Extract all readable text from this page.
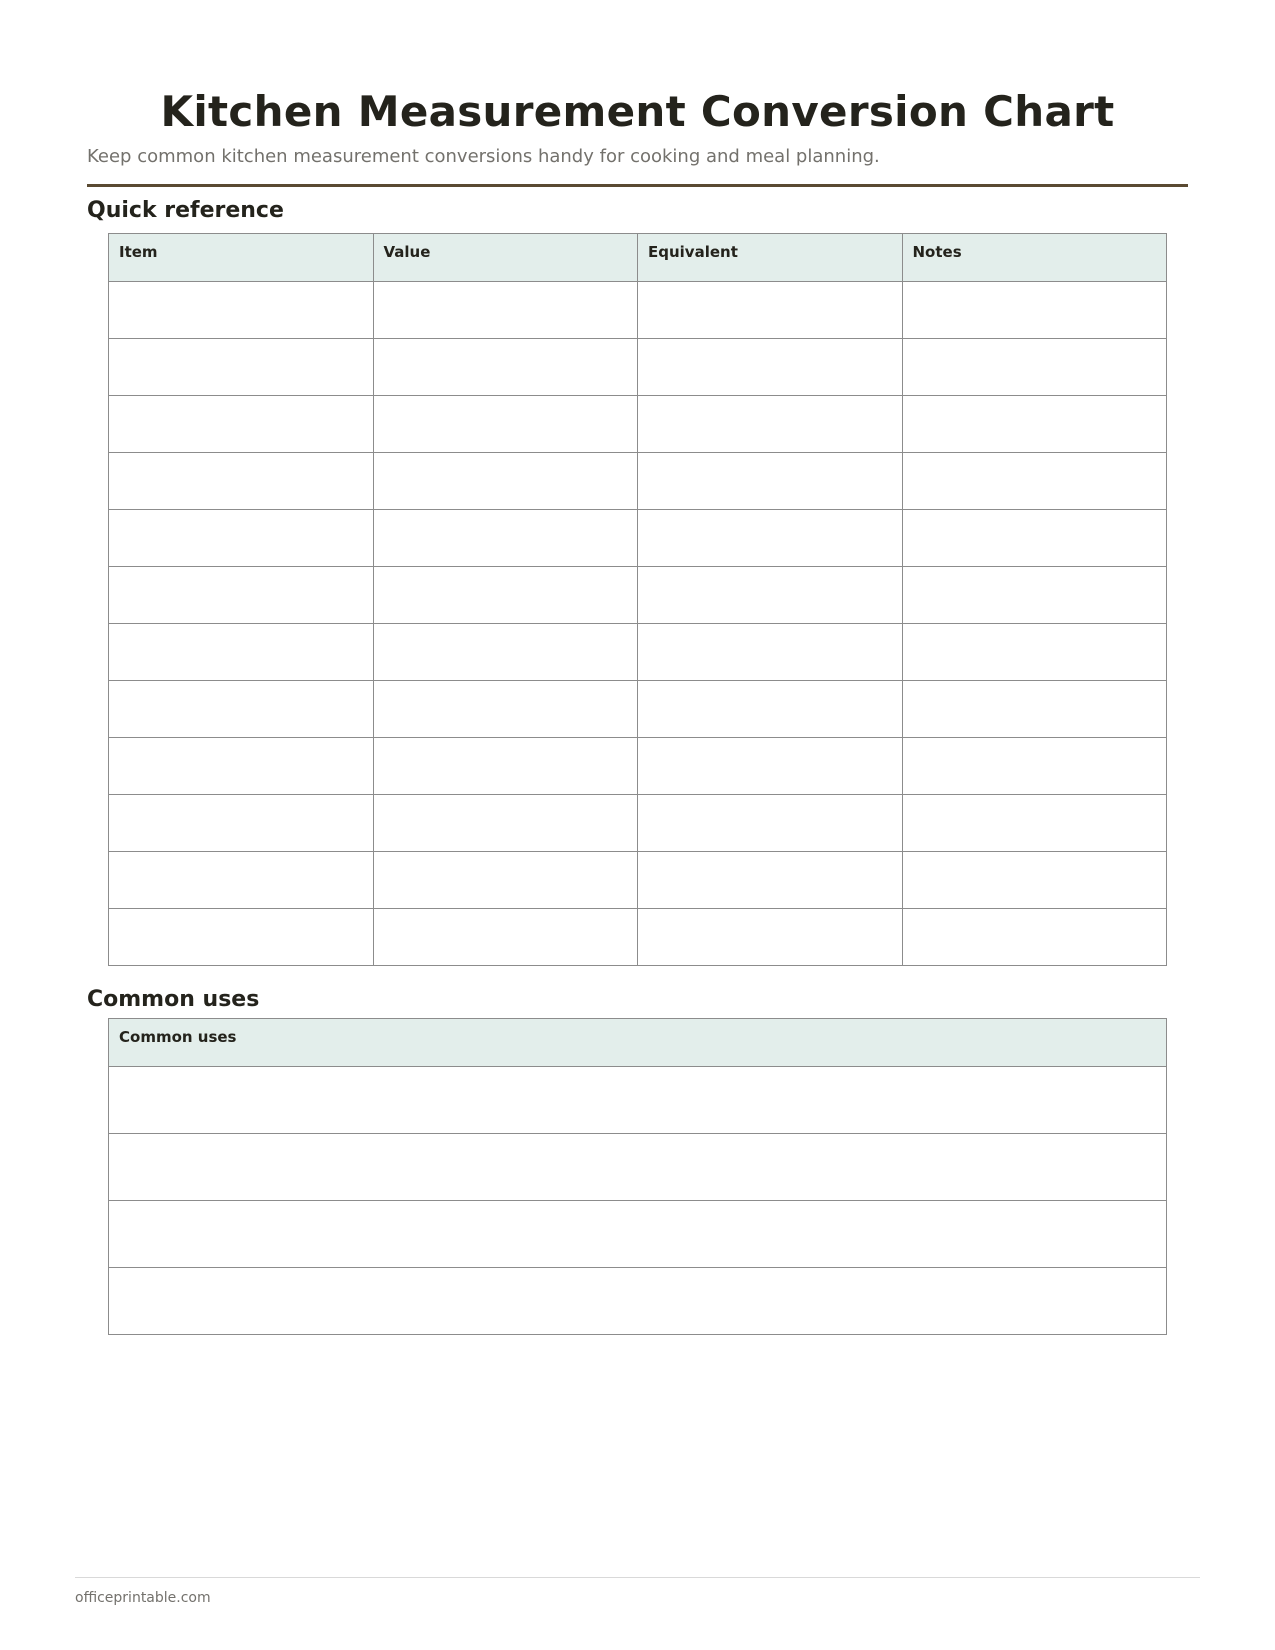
Kitchen Measurement Conversion Chart

Keep common kitchen measurement conversions handy for cooking and meal planning.

Quick reference
Item	Value	Equivalent	Notes

Common uses
Common uses

officeprintable.com
